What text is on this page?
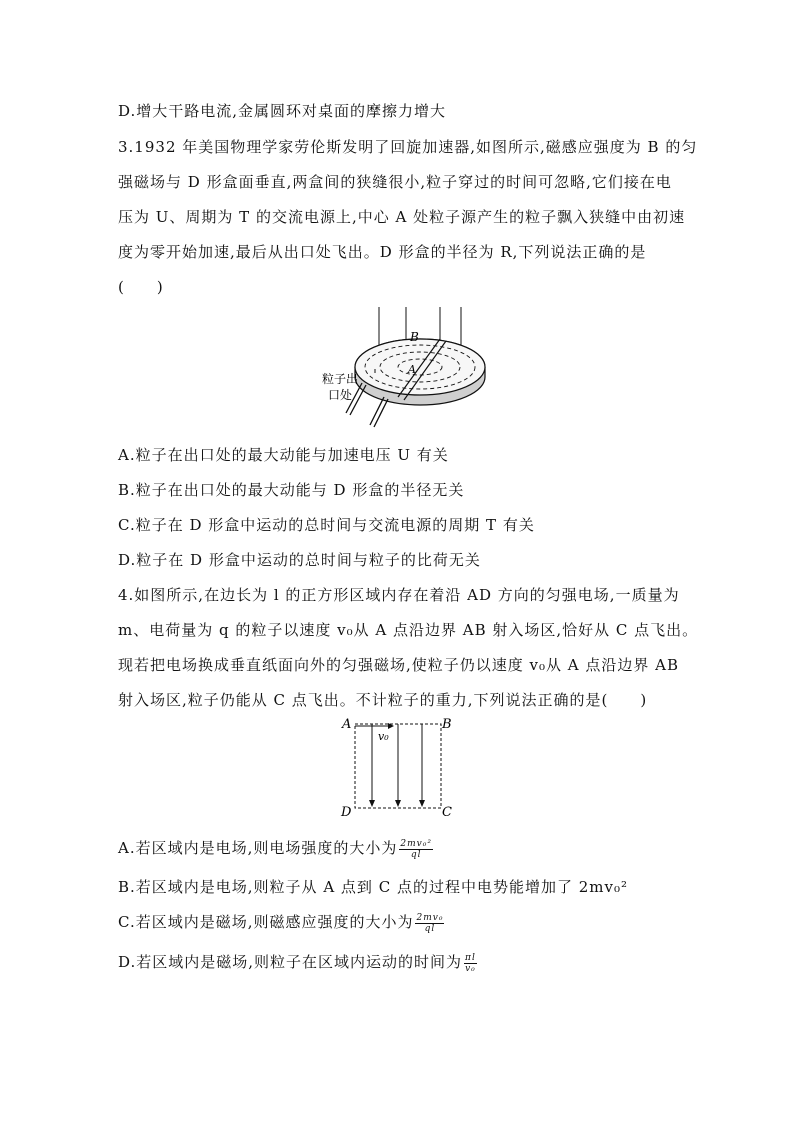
D.增大干路电流,金属圆环对桌面的摩擦力增大
3.1932 年美国物理学家劳伦斯发明了回旋加速器,如图所示,磁感应强度为 B 的匀
强磁场与 D 形盒面垂直,两盒间的狭缝很小,粒子穿过的时间可忽略,它们接在电
压为 U、周期为 T 的交流电源上,中心 A 处粒子源产生的粒子飘入狭缝中由初速
度为零开始加速,最后从出口处飞出。D 形盒的半径为 R,下列说法正确的是
(　　)
B
A
粒子出
口处
A.粒子在出口处的最大动能与加速电压 U 有关
B.粒子在出口处的最大动能与 D 形盒的半径无关
C.粒子在 D 形盒中运动的总时间与交流电源的周期 T 有关
D.粒子在 D 形盒中运动的总时间与粒子的比荷无关
4.如图所示,在边长为 l 的正方形区域内存在着沿 AD 方向的匀强电场,一质量为
m、电荷量为 q 的粒子以速度 v₀从 A 点沿边界 AB 射入场区,恰好从 C 点飞出。
现若把电场换成垂直纸面向外的匀强磁场,使粒子仍以速度 v₀从 A 点沿边界 AB
射入场区,粒子仍能从 C 点飞出。不计粒子的重力,下列说法正确的是(　　)
A	B
C
D
v₀
A.若区域内是电场,则电场强度的大小为 $\frac{\text{2mv₀²}}{ql}$
B.若区域内是电场,则粒子从 A 点到 C 点的过程中电势能增加了 2mv₀²
C.若区域内是磁场,则磁感应强度的大小为 $\frac{\text{2mv₀}}{ql}$
D.若区域内是磁场,则粒子在区域内运动的时间为 $\frac{\pi l}{\text{v₀}}$
